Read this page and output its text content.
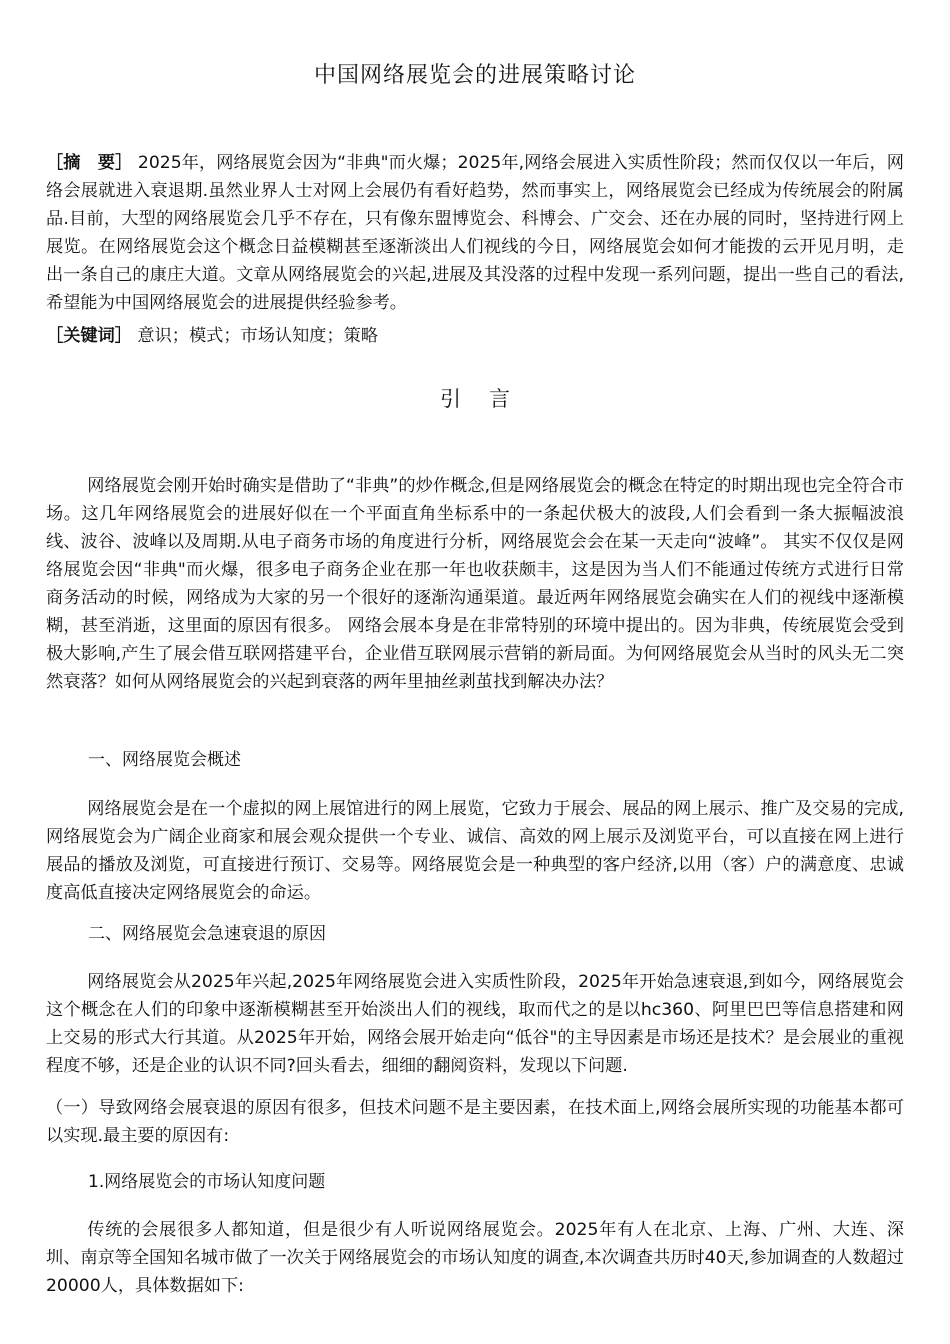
中国网络展览会的进展策略讨论

［摘　要］ 2025年，网络展览会因为“非典"而火爆；2025年,网络会展进入实质性阶段；然而仅仅以一年后，网络会展就进入衰退期.虽然业界人士对网上会展仍有看好趋势，然而事实上，网络展览会已经成为传统展会的附属品.目前，大型的网络展览会几乎不存在，只有像东盟博览会、科博会、广交会、还在办展的同时，坚持进行网上展览。在网络展览会这个概念日益模糊甚至逐渐淡出人们视线的今日，网络展览会如何才能拨的云开见月明，走出一条自己的康庄大道。文章从网络展览会的兴起,进展及其没落的过程中发现一系列问题，提出一些自己的看法,希望能为中国网络展览会的进展提供经验参考。

［关键词］ 意识；模式；市场认知度；策略

引言

网络展览会刚开始时确实是借助了“非典”的炒作概念,但是网络展览会的概念在特定的时期出现也完全符合市场。这几年网络展览会的进展好似在一个平面直角坐标系中的一条起伏极大的波段,人们会看到一条大振幅波浪线、波谷、波峰以及周期.从电子商务市场的角度进行分析，网络展览会会在某一天走向“波峰”。 其实不仅仅是网络展览会因“非典"而火爆，很多电子商务企业在那一年也收获颇丰，这是因为当人们不能通过传统方式进行日常商务活动的时候，网络成为大家的另一个很好的逐渐沟通渠道。最近两年网络展览会确实在人们的视线中逐渐模糊，甚至消逝，这里面的原因有很多。 网络会展本身是在非常特别的环境中提出的。因为非典，传统展览会受到极大影响,产生了展会借互联网搭建平台，企业借互联网展示营销的新局面。为何网络展览会从当时的风头无二突然衰落？如何从网络展览会的兴起到衰落的两年里抽丝剥茧找到解决办法？

一、网络展览会概述

网络展览会是在一个虚拟的网上展馆进行的网上展览，它致力于展会、展品的网上展示、推广及交易的完成,网络展览会为广阔企业商家和展会观众提供一个专业、诚信、高效的网上展示及浏览平台，可以直接在网上进行展品的播放及浏览，可直接进行预订、交易等。网络展览会是一种典型的客户经济,以用（客）户的满意度、忠诚度高低直接决定网络展览会的命运。

二、网络展览会急速衰退的原因

网络展览会从2025年兴起,2025年网络展览会进入实质性阶段，2025年开始急速衰退,到如今，网络展览会这个概念在人们的印象中逐渐模糊甚至开始淡出人们的视线，取而代之的是以hc360、阿里巴巴等信息搭建和网上交易的形式大行其道。从2025年开始，网络会展开始走向“低谷"的主导因素是市场还是技术？是会展业的重视程度不够，还是企业的认识不同?回头看去，细细的翻阅资料，发现以下问题.

（一）导致网络会展衰退的原因有很多，但技术问题不是主要因素，在技术面上,网络会展所实现的功能基本都可以实现.最主要的原因有:

1.网络展览会的市场认知度问题

传统的会展很多人都知道，但是很少有人听说网络展览会。2025年有人在北京、上海、广州、大连、深圳、南京等全国知名城市做了一次关于网络展览会的市场认知度的调查,本次调查共历时40天,参加调查的人数超过20000人，具体数据如下:
